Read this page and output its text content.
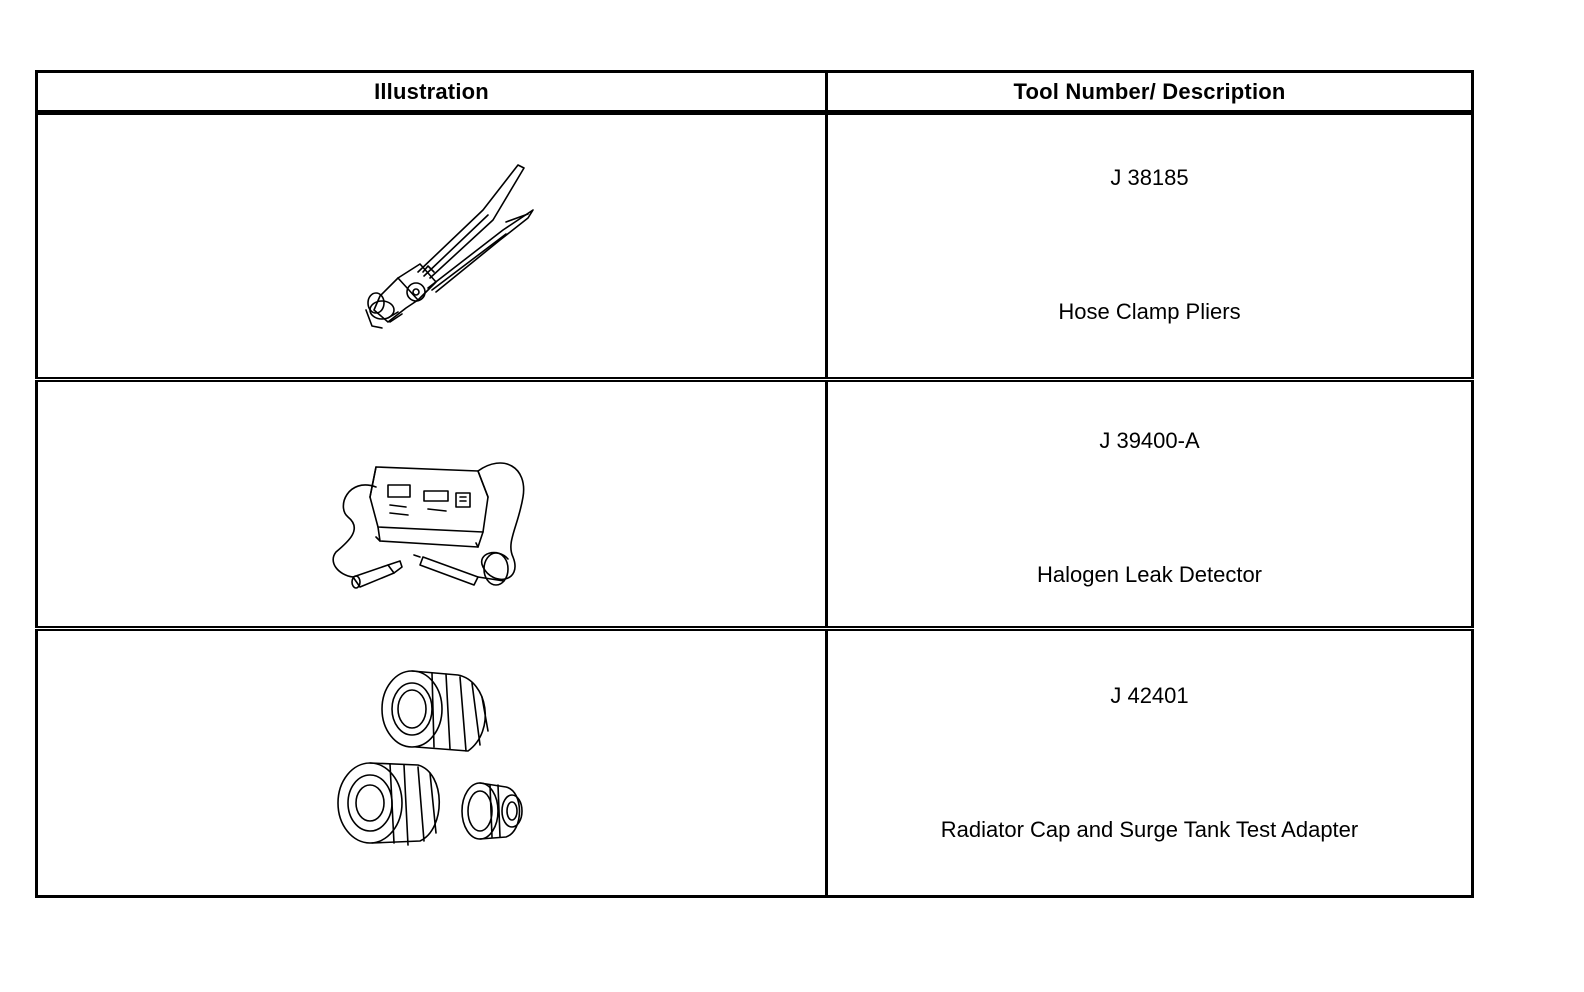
Illustration	Tool Number/ Description

J 38185
Hose Clamp Pliers

J 39400-A
Halogen Leak Detector

J 42401
Radiator Cap and Surge Tank Test Adapter
